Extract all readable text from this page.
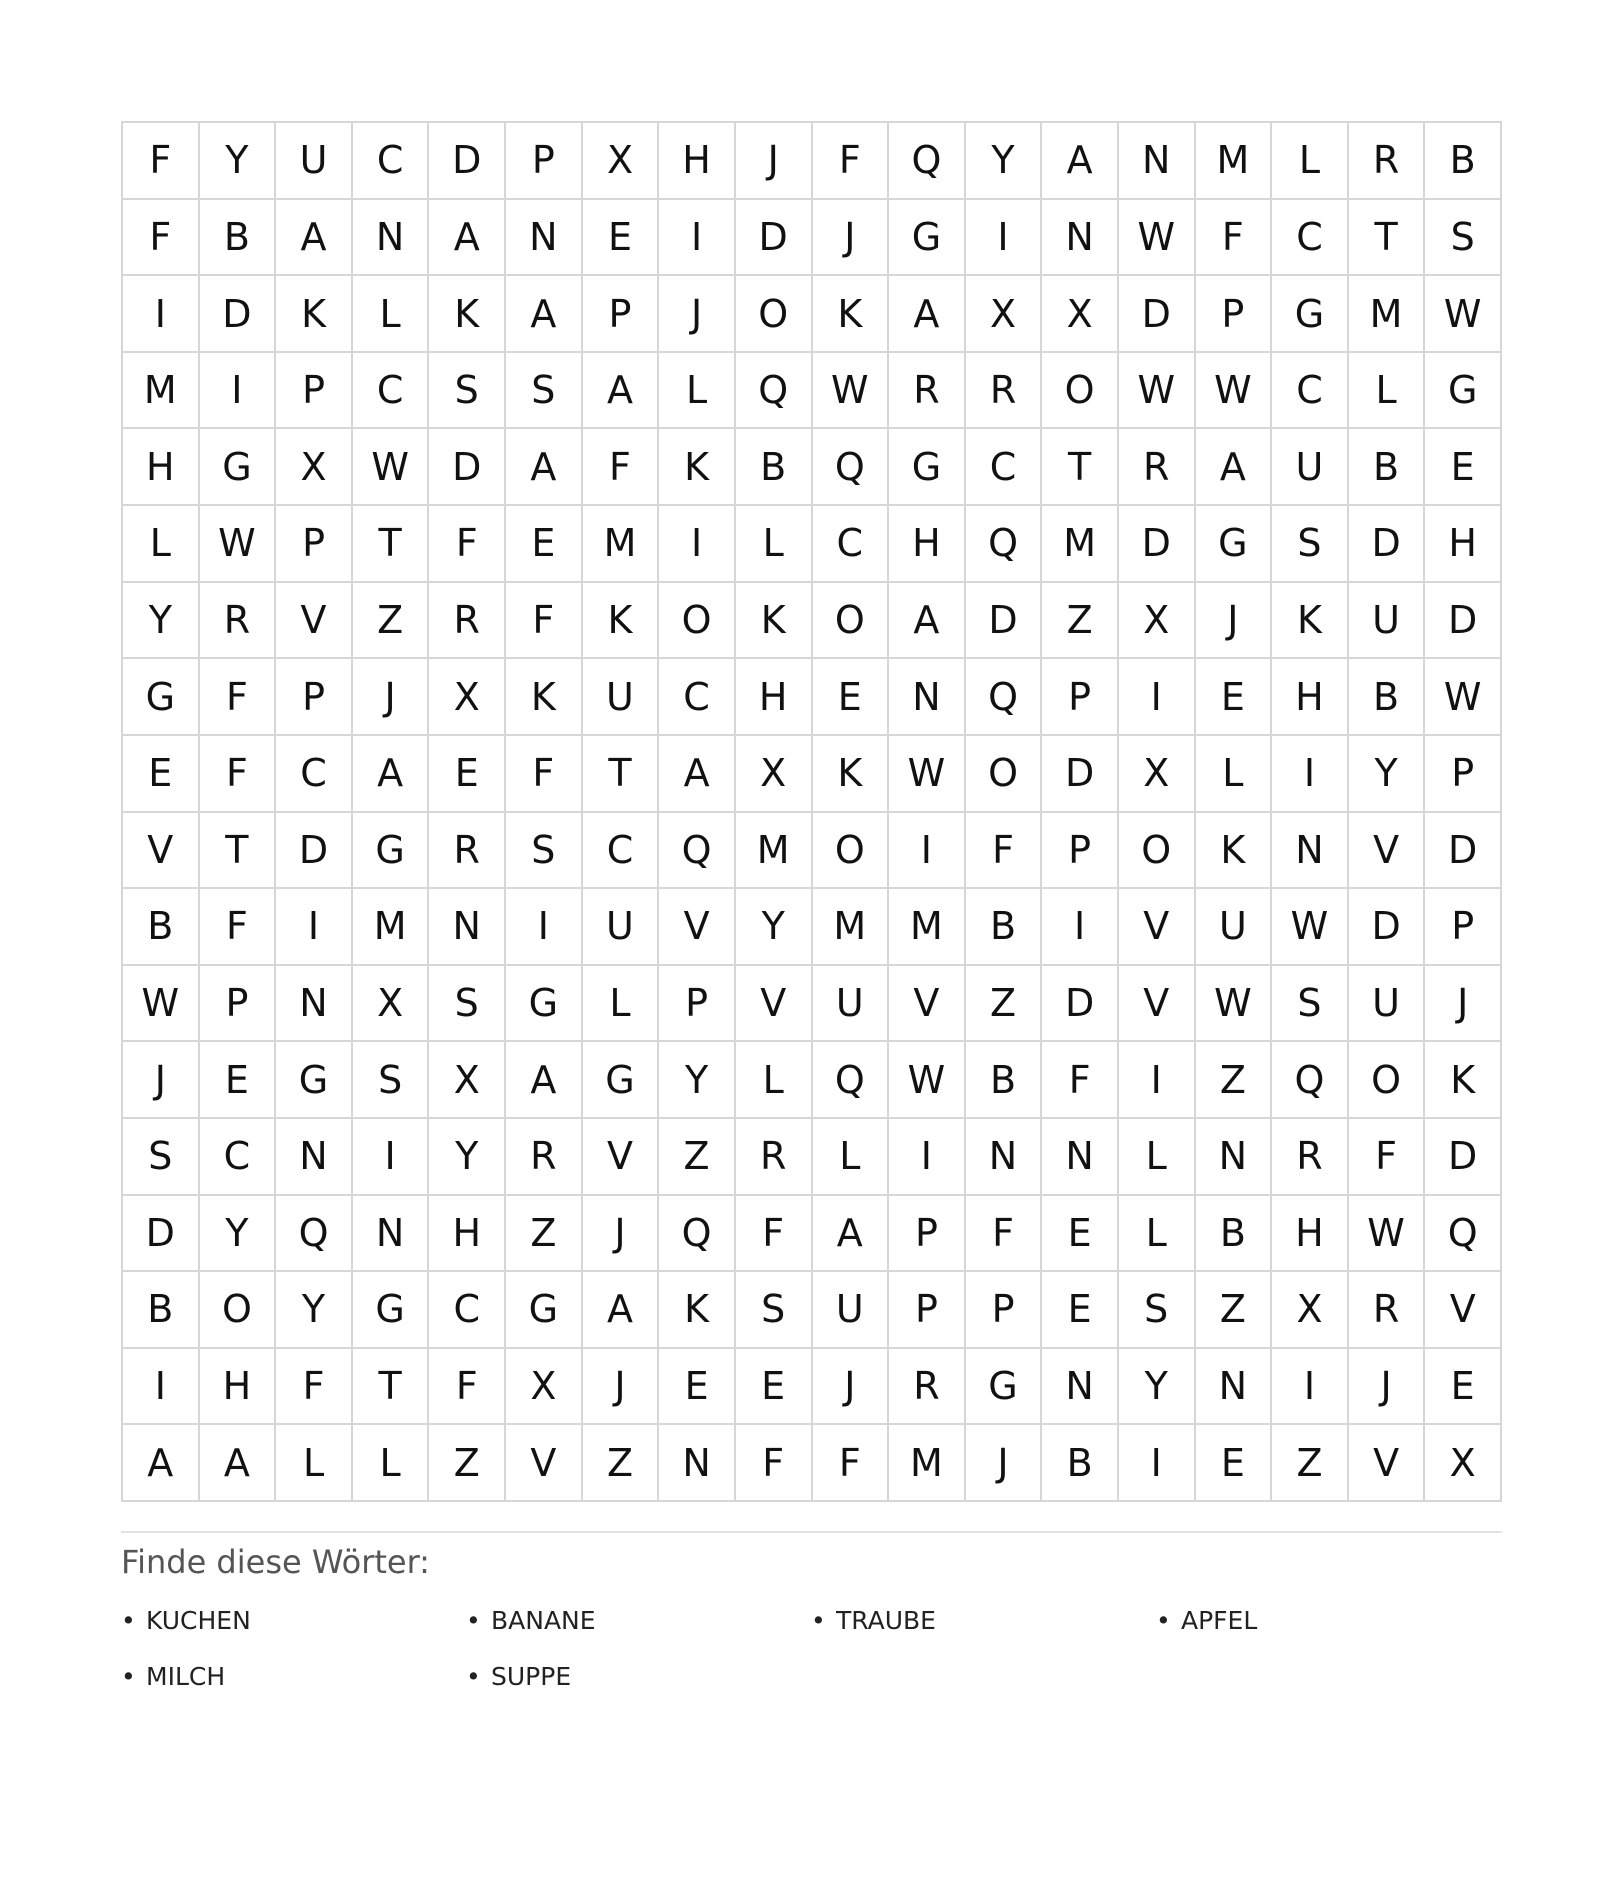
F	Y	U	C	D	P	X	H	J	F	Q	Y	A	N	M	L	R	B
F	B	A	N	A	N	E	I	D	J	G	I	N	W	F	C	T	S
I	D	K	L	K	A	P	J	O	K	A	X	X	D	P	G	M	W
M	I	P	C	S	S	A	L	Q	W	R	R	O	W	W	C	L	G
H	G	X	W	D	A	F	K	B	Q	G	C	T	R	A	U	B	E
L	W	P	T	F	E	M	I	L	C	H	Q	M	D	G	S	D	H
Y	R	V	Z	R	F	K	O	K	O	A	D	Z	X	J	K	U	D
G	F	P	J	X	K	U	C	H	E	N	Q	P	I	E	H	B	W
E	F	C	A	E	F	T	A	X	K	W	O	D	X	L	I	Y	P
V	T	D	G	R	S	C	Q	M	O	I	F	P	O	K	N	V	D
B	F	I	M	N	I	U	V	Y	M	M	B	I	V	U	W	D	P
W	P	N	X	S	G	L	P	V	U	V	Z	D	V	W	S	U	J
J	E	G	S	X	A	G	Y	L	Q	W	B	F	I	Z	Q	O	K
S	C	N	I	Y	R	V	Z	R	L	I	N	N	L	N	R	F	D
D	Y	Q	N	H	Z	J	Q	F	A	P	F	E	L	B	H	W	Q
B	O	Y	G	C	G	A	K	S	U	P	P	E	S	Z	X	R	V
I	H	F	T	F	X	J	E	E	J	R	G	N	Y	N	I	J	E
A	A	L	L	Z	V	Z	N	F	F	M	J	B	I	E	Z	V	X
Finde diese Wörter:
• KUCHEN	• BANANE	• TRAUBE	• APFEL
• MILCH	• SUPPE
